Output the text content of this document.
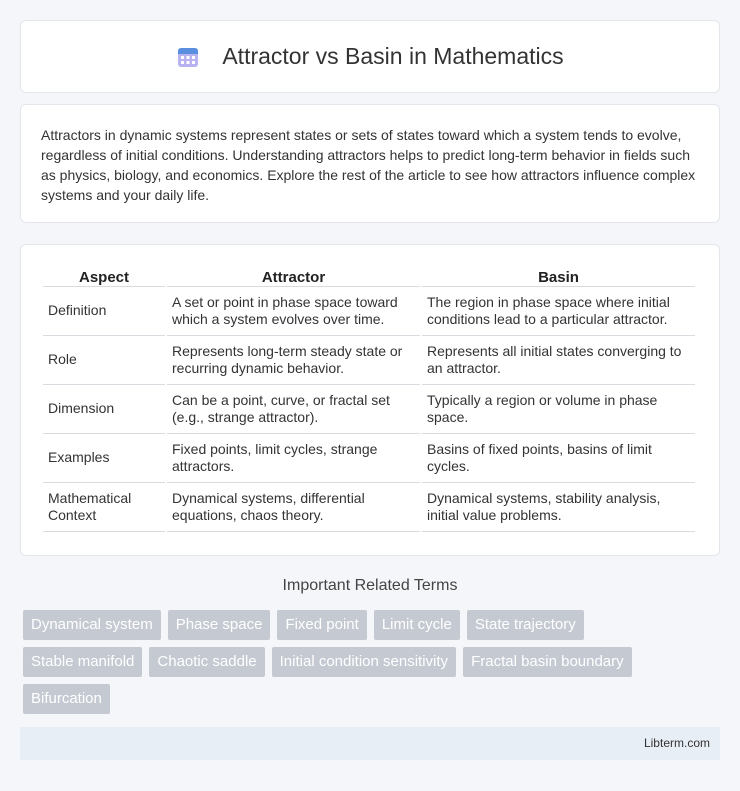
Attractor vs Basin in Mathematics

Attractors in dynamic systems represent states or sets of states toward which a system tends to evolve, regardless of initial conditions. Understanding attractors helps to predict long-term behavior in fields such as physics, biology, and economics. Explore the rest of the article to see how attractors influence complex systems and your daily life.

Aspect	Attractor	Basin
Definition	A set or point in phase space toward which a system evolves over time.	The region in phase space where initial conditions lead to a particular attractor.
Role	Represents long-term steady state or recurring dynamic behavior.	Represents all initial states converging to an attractor.
Dimension	Can be a point, curve, or fractal set (e.g., strange attractor).	Typically a region or volume in phase space.
Examples	Fixed points, limit cycles, strange attractors.	Basins of fixed points, basins of limit cycles.
Mathematical Context	Dynamical systems, differential equations, chaos theory.	Dynamical systems, stability analysis, initial value problems.
Important Related Terms
Dynamical system	Phase space	Fixed point	Limit cycle	State trajectory
Stable manifold	Chaotic saddle	Initial condition sensitivity	Fractal basin boundary
Bifurcation
Libterm.com
